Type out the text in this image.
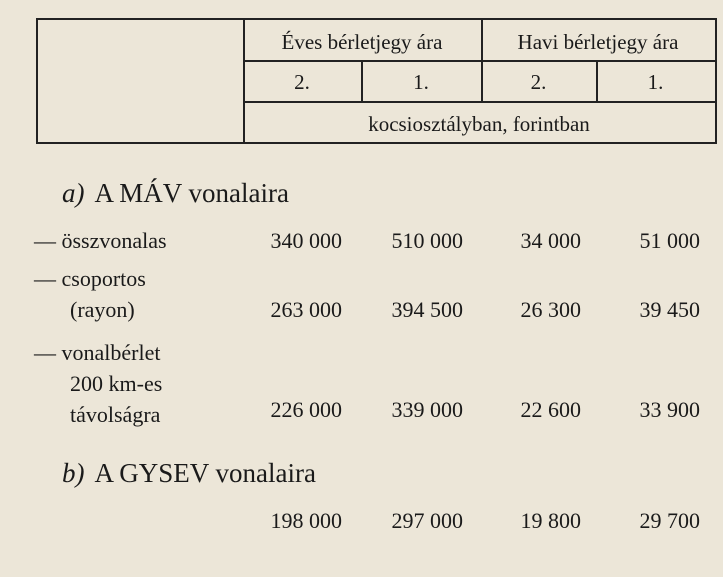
Éves bérletjegy ára	Havi bérletjegy ára
2.	1.	2.	1.
kocsiosztályban, forintban
a) A MÁV vonalaira
— összvonalas	340 000	510 000	34 000	51 000
— csoportos
(rayon)	263 000	394 500	26 300	39 450
— vonalbérlet
200 km-es
távolságra	226 000	339 000	22 600	33 900
b) A GYSEV vonalaira
198 000	297 000	19 800	29 700
